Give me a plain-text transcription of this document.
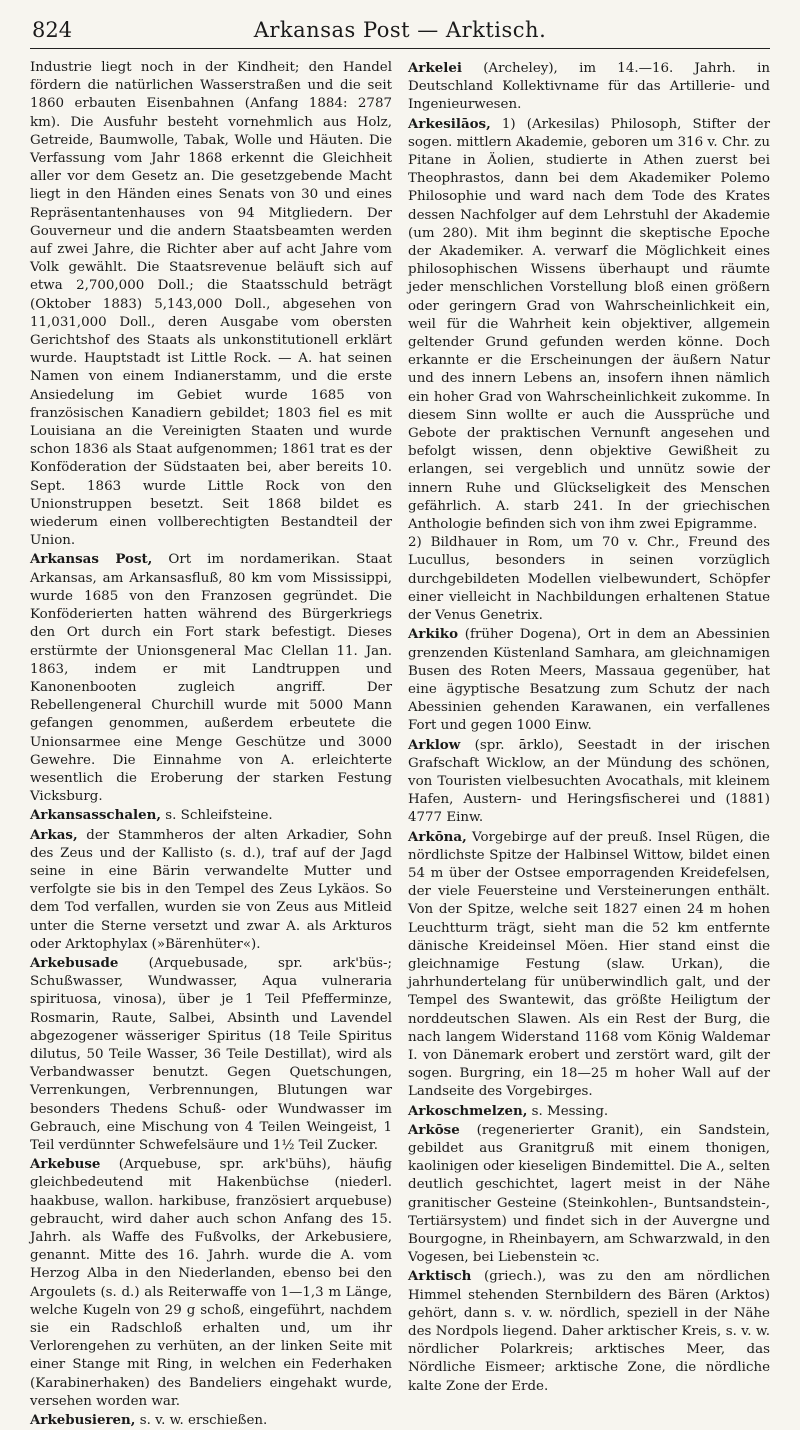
824	Arkansas Post — Arktisch.

Industrie liegt noch in der Kindheit; den Handel fördern die natürlichen Wasserstraßen und die seit 1860 erbauten Eisenbahnen (Anfang 1884: 2787 km). Die Ausfuhr besteht vornehmlich aus Holz, Getreide, Baumwolle, Tabak, Wolle und Häuten. Die Verfassung vom Jahr 1868 erkennt die Gleichheit aller vor dem Gesetz an. Die gesetzgebende Macht liegt in den Händen eines Senats von 30 und eines Repräsentantenhauses von 94 Mitgliedern. Der Gouverneur und die andern Staatsbeamten werden auf zwei Jahre, die Richter aber auf acht Jahre vom Volk gewählt. Die Staatsrevenue beläuft sich auf etwa 2,700,000 Doll.; die Staatsschuld beträgt (Oktober 1883) 5,143,000 Doll., abgesehen von 11,031,000 Doll., deren Ausgabe vom obersten Gerichtshof des Staats als unkonstitutionell erklärt wurde. Hauptstadt ist Little Rock. — A. hat seinen Namen von einem Indianerstamm, und die erste Ansiedelung im Gebiet wurde 1685 von französischen Kanadiern gebildet; 1803 fiel es mit Louisiana an die Vereinigten Staaten und wurde schon 1836 als Staat aufgenommen; 1861 trat es der Konföderation der Südstaaten bei, aber bereits 10. Sept. 1863 wurde Little Rock von den Unionstruppen besetzt. Seit 1868 bildet es wiederum einen vollberechtigten Bestandteil der Union.

Arkansas Post, Ort im nordamerikan. Staat Arkansas, am Arkansasfluß, 80 km vom Mississippi, wurde 1685 von den Franzosen gegründet. Die Konföderierten hatten während des Bürgerkriegs den Ort durch ein Fort stark befestigt. Dieses erstürmte der Unionsgeneral Mac Clellan 11. Jan. 1863, indem er mit Landtruppen und Kanonenbooten zugleich angriff. Der Rebellengeneral Churchill wurde mit 5000 Mann gefangen genommen, außerdem erbeutete die Unionsarmee eine Menge Geschütze und 3000 Gewehre. Die Einnahme von A. erleichterte wesentlich die Eroberung der starken Festung Vicksburg.

Arkansasschalen, s. Schleifsteine.

Arkas, der Stammheros der alten Arkadier, Sohn des Zeus und der Kallisto (s. d.), traf auf der Jagd seine in eine Bärin verwandelte Mutter und verfolgte sie bis in den Tempel des Zeus Lykäos. So dem Tod verfallen, wurden sie von Zeus aus Mitleid unter die Sterne versetzt und zwar A. als Arkturos oder Arktophylax (»Bärenhüter«).

Arkebusade (Arquebusade, spr. ark'büs-; Schußwasser, Wundwasser, Aqua vulneraria spirituosa, vinosa), über je 1 Teil Pfefferminze, Rosmarin, Raute, Salbei, Absinth und Lavendel abgezogener wässeriger Spiritus (18 Teile Spiritus dilutus, 50 Teile Wasser, 36 Teile Destillat), wird als Verbandwasser benutzt. Gegen Quetschungen, Verrenkungen, Verbrennungen, Blutungen war besonders Thedens Schuß- oder Wundwasser im Gebrauch, eine Mischung von 4 Teilen Weingeist, 1 Teil verdünnter Schwefelsäure und 1½ Teil Zucker.

Arkebuse (Arquebuse, spr. ark'bühs), häufig gleichbedeutend mit Hakenbüchse (niederl. haakbuse, wallon. harkibuse, französiert arquebuse) gebraucht, wird daher auch schon Anfang des 15. Jahrh. als Waffe des Fußvolks, der Arkebusiere, genannt. Mitte des 16. Jahrh. wurde die A. vom Herzog Alba in den Niederlanden, ebenso bei den Argoulets (s. d.) als Reiterwaffe von 1—1,3 m Länge, welche Kugeln von 29 g schoß, eingeführt, nachdem sie ein Radschloß erhalten und, um ihr Verlorengehen zu verhüten, an der linken Seite mit einer Stange mit Ring, in welchen ein Federhaken (Karabinerhaken) des Bandeliers eingehakt wurde, versehen worden war.

Arkebusieren, s. v. w. erschießen.

Arkelei (Archeley), im 14.—16. Jahrh. in Deutschland Kollektivname für das Artillerie- und Ingenieurwesen.

Arkesilāos, 1) (Arkesilas) Philosoph, Stifter der sogen. mittlern Akademie, geboren um 316 v. Chr. zu Pitane in Äolien, studierte in Athen zuerst bei Theophrastos, dann bei dem Akademiker Polemo Philosophie und ward nach dem Tode des Krates dessen Nachfolger auf dem Lehrstuhl der Akademie (um 280). Mit ihm beginnt die skeptische Epoche der Akademiker. A. verwarf die Möglichkeit eines philosophischen Wissens überhaupt und räumte jeder menschlichen Vorstellung bloß einen größern oder geringern Grad von Wahrscheinlichkeit ein, weil für die Wahrheit kein objektiver, allgemein geltender Grund gefunden werden könne. Doch erkannte er die Erscheinungen der äußern Natur und des innern Lebens an, insofern ihnen nämlich ein hoher Grad von Wahrscheinlichkeit zukomme. In diesem Sinn wollte er auch die Aussprüche und Gebote der praktischen Vernunft angesehen und befolgt wissen, denn objektive Gewißheit zu erlangen, sei vergeblich und unnütz sowie der innern Ruhe und Glückseligkeit des Menschen gefährlich. A. starb 241. In der griechischen Anthologie befinden sich von ihm zwei Epigramme.

2) Bildhauer in Rom, um 70 v. Chr., Freund des Lucullus, besonders in seinen vorzüglich durchgebildeten Modellen vielbewundert, Schöpfer einer vielleicht in Nachbildungen erhaltenen Statue der Venus Genetrix.

Arkiko (früher Dogena), Ort in dem an Abessinien grenzenden Küstenland Samhara, am gleichnamigen Busen des Roten Meers, Massaua gegenüber, hat eine ägyptische Besatzung zum Schutz der nach Abessinien gehenden Karawanen, ein verfallenes Fort und gegen 1000 Einw.

Arklow (spr. ārklo), Seestadt in der irischen Grafschaft Wicklow, an der Mündung des schönen, von Touristen vielbesuchten Avocathals, mit kleinem Hafen, Austern- und Heringsfischerei und (1881) 4777 Einw.

Arkōna, Vorgebirge auf der preuß. Insel Rügen, die nördlichste Spitze der Halbinsel Wittow, bildet einen 54 m über der Ostsee emporragenden Kreidefelsen, der viele Feuersteine und Versteinerungen enthält. Von der Spitze, welche seit 1827 einen 24 m hohen Leuchtturm trägt, sieht man die 52 km entfernte dänische Kreideinsel Möen. Hier stand einst die gleichnamige Festung (slaw. Urkan), die jahrhundertelang für unüberwindlich galt, und der Tempel des Swantewit, das größte Heiligtum der norddeutschen Slawen. Als ein Rest der Burg, die nach langem Widerstand 1168 vom König Waldemar I. von Dänemark erobert und zerstört ward, gilt der sogen. Burgring, ein 18—25 m hoher Wall auf der Landseite des Vorgebirges.

Arkoschmelzen, s. Messing.

Arkōse (regenerierter Granit), ein Sandstein, gebildet aus Granitgruß mit einem thonigen, kaolinigen oder kieseligen Bindemittel. Die A., selten deutlich geschichtet, lagert meist in der Nähe granitischer Gesteine (Steinkohlen-, Buntsandstein-, Tertiärsystem) und findet sich in der Auvergne und Bourgogne, in Rheinbayern, am Schwarzwald, in den Vogesen, bei Liebenstein ꝛc.

Arktisch (griech.), was zu den am nördlichen Himmel stehenden Sternbildern des Bären (Arktos) gehört, dann s. v. w. nördlich, speziell in der Nähe des Nordpols liegend. Daher arktischer Kreis, s. v. w. nördlicher Polarkreis; arktisches Meer, das Nördliche Eismeer; arktische Zone, die nördliche kalte Zone der Erde.
